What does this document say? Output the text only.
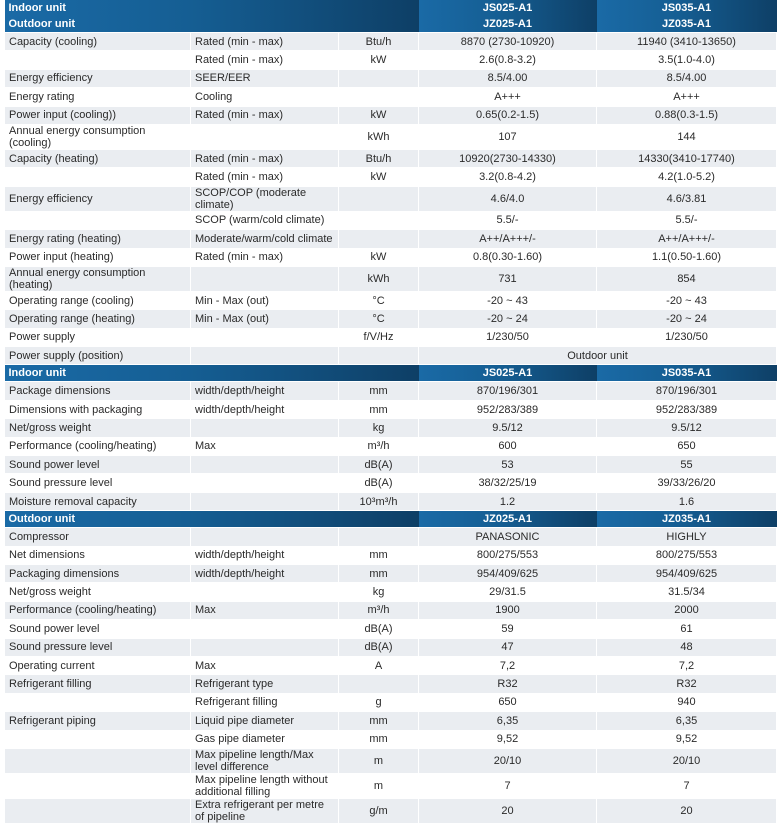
Indoor unit			JS025-A1	JS035-A1
Outdoor unit			JZ025-A1	JZ035-A1
Capacity (cooling)	Rated (min - max)	Btu/h	8870 (2730-10920)	11940 (3410-13650)
	Rated (min - max)	kW	2.6(0.8-3.2)	3.5(1.0-4.0)
Energy efficiency	SEER/EER		8.5/4.00	8.5/4.00
Energy rating	Cooling		A+++	A+++
Power input (cooling))	Rated (min - max)	kW	0.65(0.2-1.5)	0.88(0.3-1.5)
Annual energy consumption (cooling)		kWh	107	144
Capacity (heating)	Rated (min - max)	Btu/h	10920(2730-14330)	14330(3410-17740)
	Rated (min - max)	kW	3.2(0.8-4.2)	4.2(1.0-5.2)
Energy efficiency	SCOP/COP (moderate climate)		4.6/4.0	4.6/3.81
	SCOP (warm/cold climate)		5.5/-	5.5/-
Energy rating (heating)	Moderate/warm/cold climate		A++/A+++/-	A++/A+++/-
Power input (heating)	Rated (min - max)	kW	0.8(0.30-1.60)	1.1(0.50-1.60)
Annual energy consumption (heating)		kWh	731	854
Operating range (cooling)	Min - Max (out)	°C	-20 ~ 43	-20 ~ 43
Operating range (heating)	Min - Max (out)	°C	-20 ~ 24	-20 ~ 24
Power supply		f/V/Hz	1/230/50	1/230/50
Power supply (position)			Outdoor unit	
Indoor unit			JS025-A1	JS035-A1
Package dimensions	width/depth/height	mm	870/196/301	870/196/301
Dimensions with packaging	width/depth/height	mm	952/283/389	952/283/389
Net/gross weight		kg	9.5/12	9.5/12
Performance (cooling/heating)	Max	m³/h	600	650
Sound power level		dB(A)	53	55
Sound pressure level		dB(A)	38/32/25/19	39/33/26/20
Moisture removal capacity		10³m³/h	1.2	1.6
Outdoor unit			JZ025-A1	JZ035-A1
Compressor			PANASONIC	HIGHLY
Net dimensions	width/depth/height	mm	800/275/553	800/275/553
Packaging dimensions	width/depth/height	mm	954/409/625	954/409/625
Net/gross weight		kg	29/31.5	31.5/34
Performance (cooling/heating)	Max	m³/h	1900	2000
Sound power level		dB(A)	59	61
Sound pressure level		dB(A)	47	48
Operating current	Max	A	7,2	7,2
Refrigerant filling	Refrigerant type		R32	R32
	Refrigerant filling	g	650	940
Refrigerant piping	Liquid pipe diameter	mm	6,35	6,35
	Gas pipe diameter	mm	9,52	9,52
	Max pipeline length/Max level difference	m	20/10	20/10
	Max pipeline length without additional filling	m	7	7
	Extra refrigerant per metre of pipeline	g/m	20	20
